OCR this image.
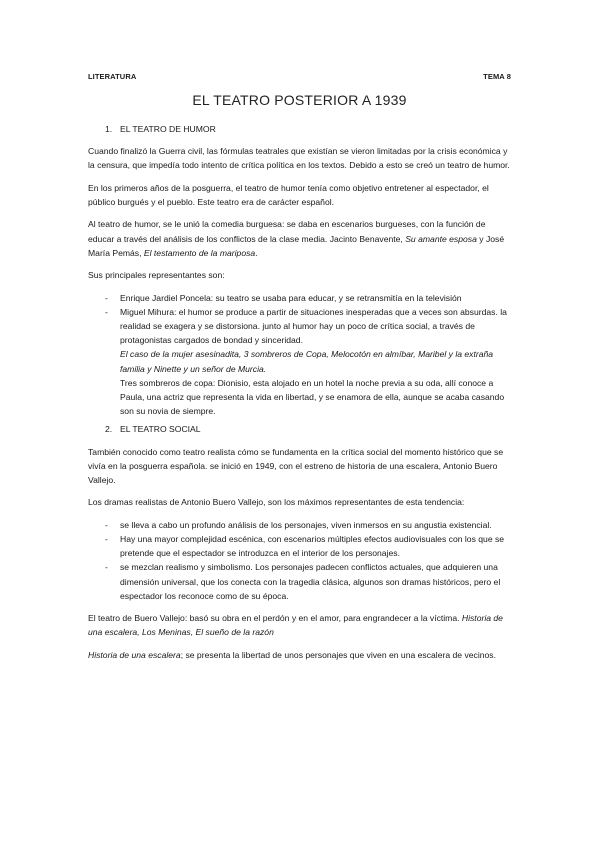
LITERATURA	TEMA 8
EL TEATRO POSTERIOR A 1939
1. EL TEATRO DE HUMOR

Cuando finalizó la Guerra civil, las fórmulas teatrales que existían se vieron limitadas por la crisis económica y la censura, que impedía todo intento de crítica política en los textos. Debido a esto se creó un teatro de humor.

En los primeros años de la posguerra, el teatro de humor tenía como objetivo entretener al espectador, el público burgués y el pueblo. Este teatro era de carácter español.

Al teatro de humor, se le unió la comedia burguesa: se daba en escenarios burgueses, con la función de educar a través del análisis de los conflictos de la clase media. Jacinto Benavente, Su amante esposa y José María Pemás, El testamento de la mariposa.

Sus principales representantes son:

- Enrique Jardiel Poncela: su teatro se usaba para educar, y se retransmitía en la televisión
- Miguel Mihura: el humor se produce a partir de situaciones inesperadas que a veces son absurdas. la realidad se exagera y se distorsiona. junto al humor hay un poco de crítica social, a través de protagonistas cargados de bondad y sinceridad.
El caso de la mujer asesinadita, 3 sombreros de Copa, Melocotón en almíbar, Maribel y la extraña familia y Ninette y un señor de Murcia.
Tres sombreros de copa: Dionisio, esta alojado en un hotel la noche previa a su oda, allí conoce a Paula, una actriz que representa la vida en libertad, y se enamora de ella, aunque se acaba casando son su novia de siempre.
2. EL TEATRO SOCIAL

También conocido como teatro realista cómo se fundamenta en la crítica social del momento histórico que se vivía en la posguerra española. se inició en 1949, con el estreno de historia de una escalera, Antonio Buero Vallejo.

Los dramas realistas de Antonio Buero Vallejo, son los máximos representantes de esta tendencia:

- se lleva a cabo un profundo análisis de los personajes, viven inmersos en su angustia existencial.
- Hay una mayor complejidad escénica, con escenarios múltiples efectos audiovisuales con los que se pretende que el espectador se introduzca en el interior de los personajes.
- se mezclan realismo y simbolismo. Los personajes padecen conflictos actuales, que adquieren una dimensión universal, que los conecta con la tragedia clásica, algunos son dramas históricos, pero el espectador los reconoce como de su época.

El teatro de Buero Vallejo: basó su obra en el perdón y en el amor, para engrandecer a la víctima. Historia de una escalera, Los Meninas, El sueño de la razón

Historia de una escalera; se presenta la libertad de unos personajes que viven en una escalera de vecinos.
